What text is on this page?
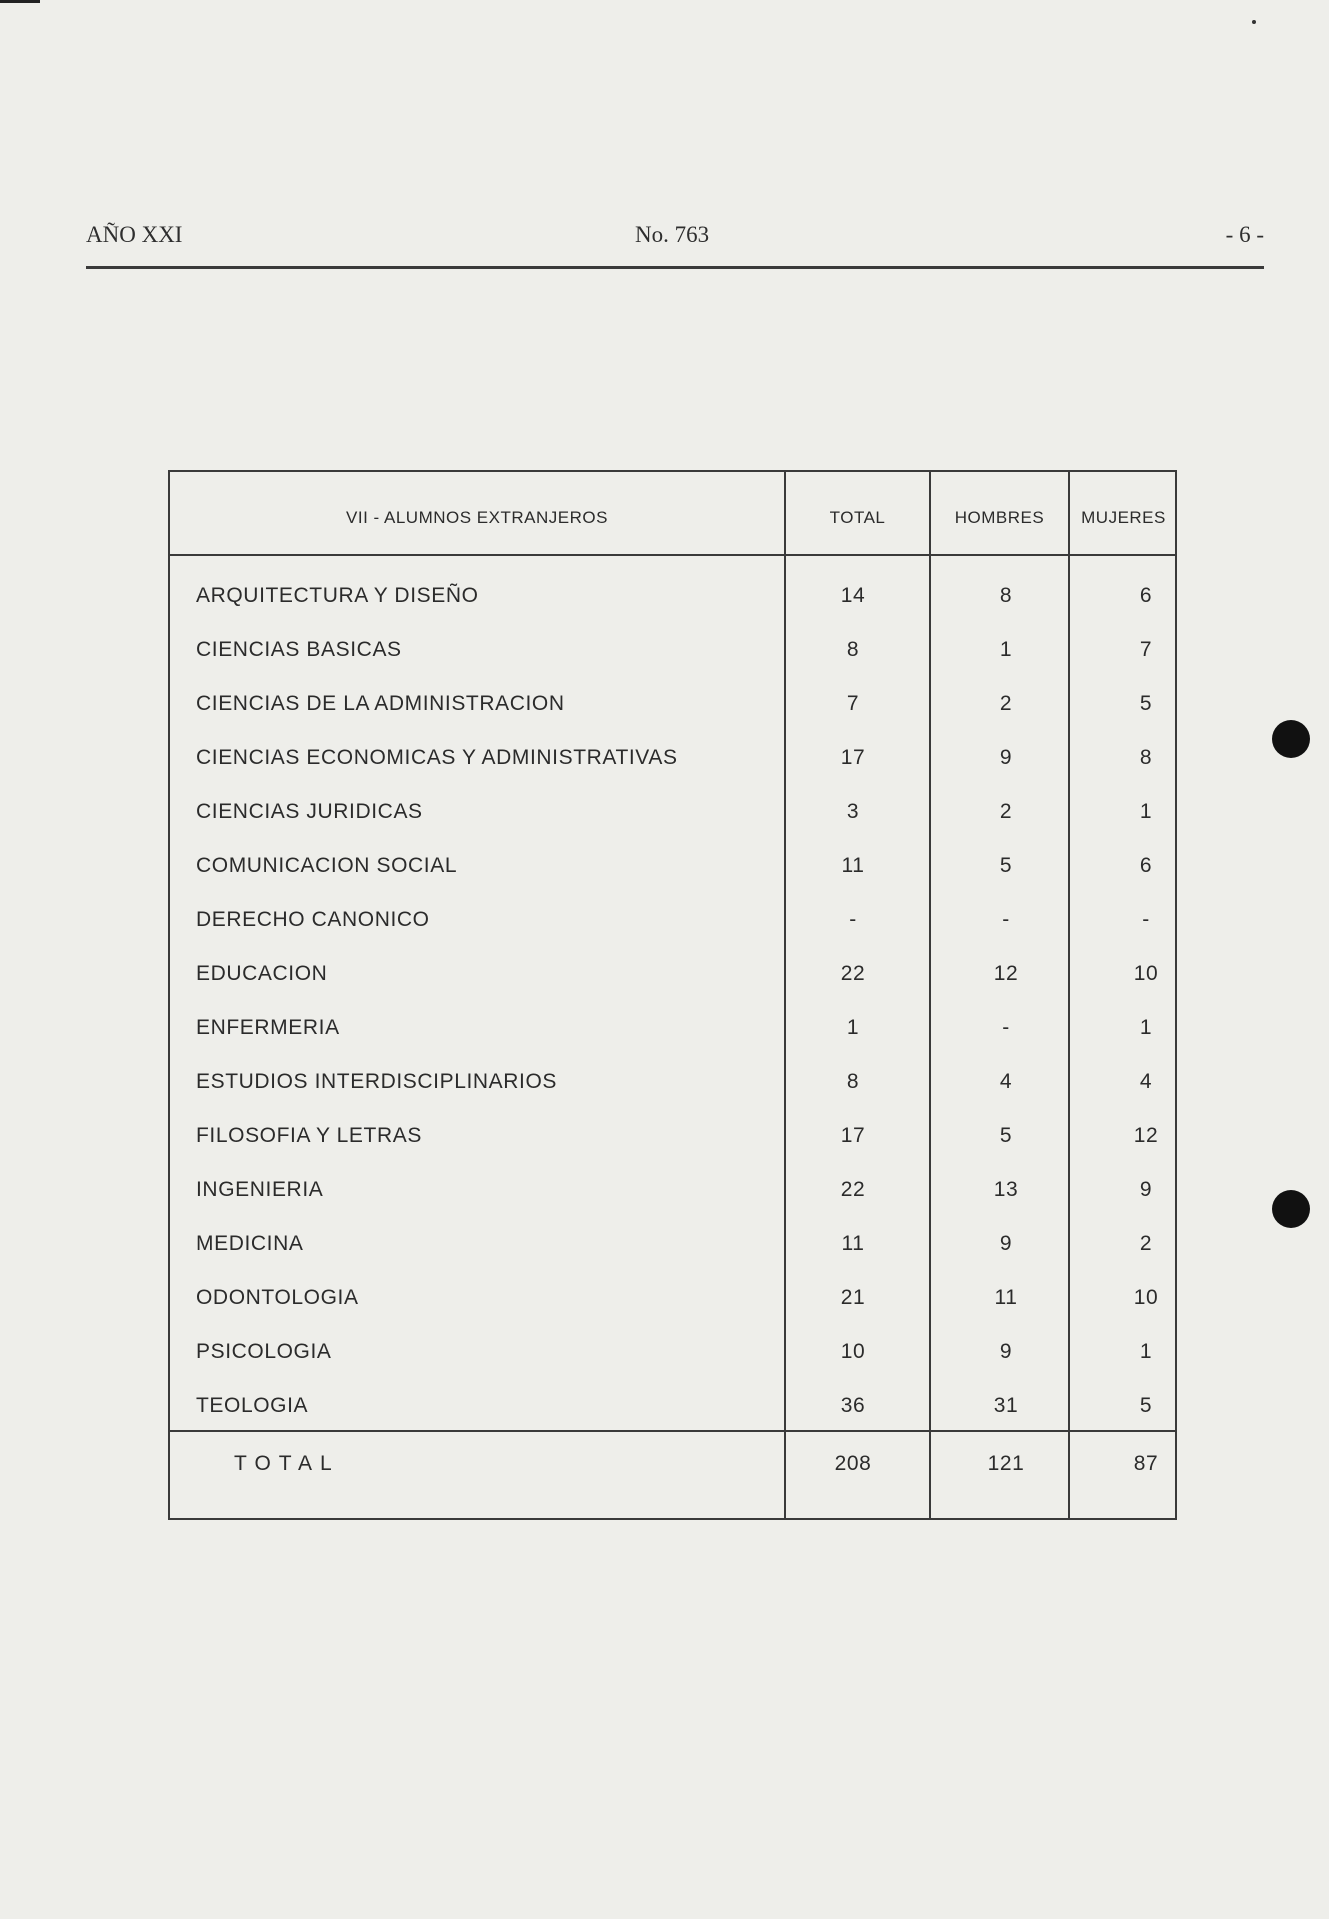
AÑO XXI	No. 763	- 6 -
VII - ALUMNOS EXTRANJEROS	TOTAL	HOMBRES	MUJERES
ARQUITECTURA Y DISEÑO	14	8	6
CIENCIAS BASICAS	8	1	7
CIENCIAS DE LA ADMINISTRACION	7	2	5
CIENCIAS ECONOMICAS Y ADMINISTRATIVAS	17	9	8
CIENCIAS JURIDICAS	3	2	1
COMUNICACION SOCIAL	11	5	6
DERECHO CANONICO	-	-	-
EDUCACION	22	12	10
ENFERMERIA	1	-	1
ESTUDIOS INTERDISCIPLINARIOS	8	4	4
FILOSOFIA Y LETRAS	17	5	12
INGENIERIA	22	13	9
MEDICINA	11	9	2
ODONTOLOGIA	21	11	10
PSICOLOGIA	10	9	1
TEOLOGIA	36	31	5
TOTAL	208	121	87
